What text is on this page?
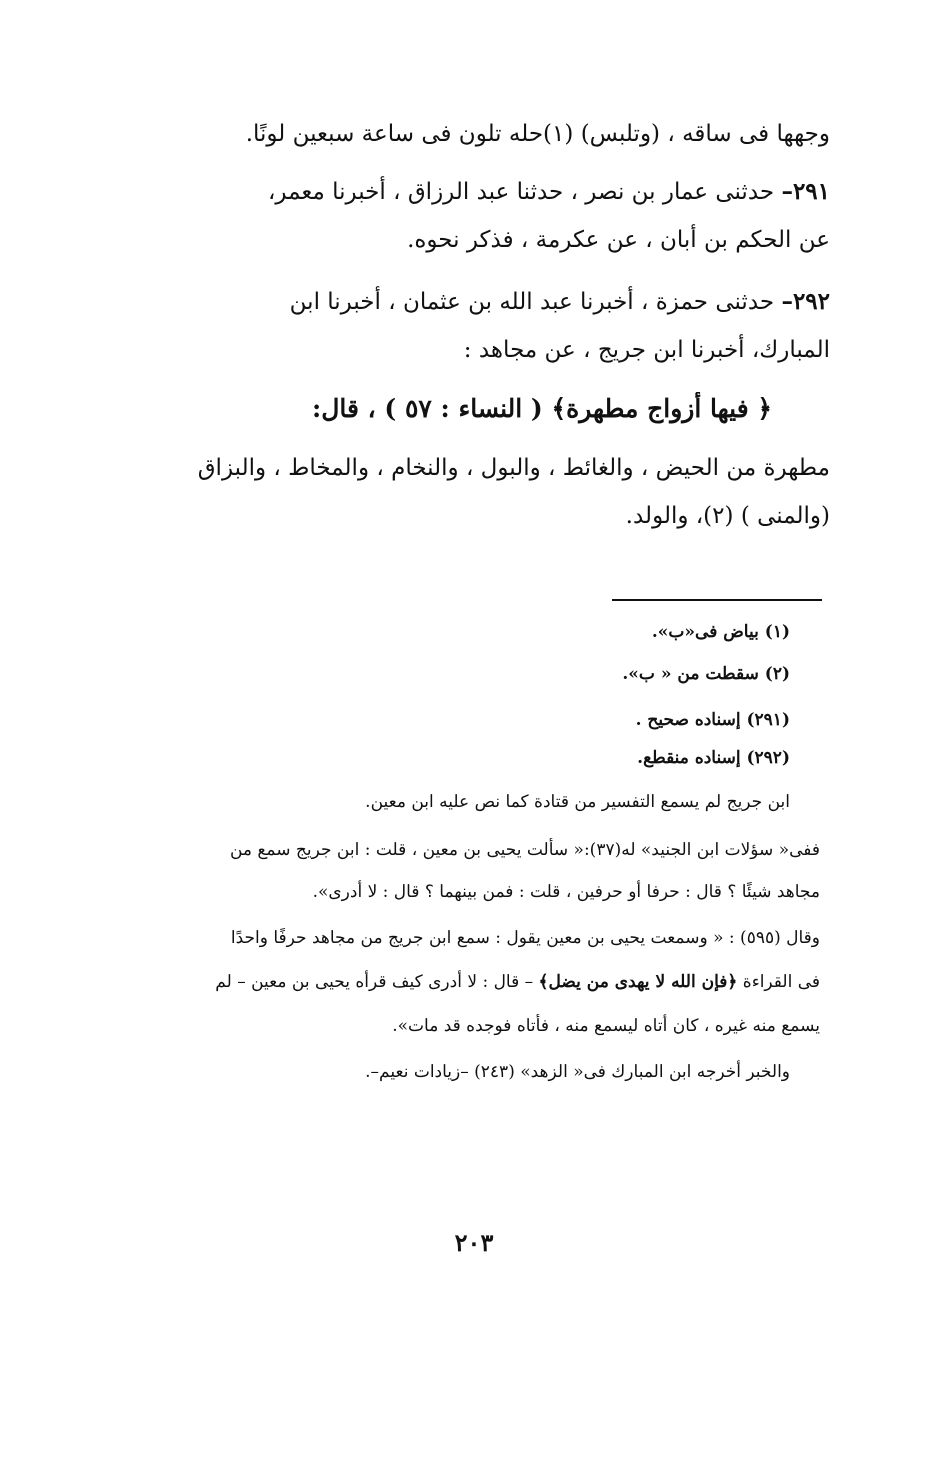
وجهها فى ساقه ، (وتلبس) (١)حله تلون فى ساعة سبعين لونًا.
٢٩١– حدثنى عمار بن نصر ، حدثنا عبد الرزاق ، أخبرنا معمر،
عن الحكم بن أبان ، عن عكرمة ، فذكر نحوه.
٢٩٢– حدثنى حمزة ، أخبرنا عبد الله بن عثمان ، أخبرنا ابن
المبارك، أخبرنا ابن جريج ، عن مجاهد :
﴿ فيها أزواج مطهرة﴾ ( النساء : ٥٧ ) ، قال:
مطهرة من الحيض ، والغائط ، والبول ، والنخام ، والمخاط ، والبزاق
(والمنى ) (٢)، والولد.
(١) بياض فى«ب».
(٢) سقطت من « ب».
(٢٩١) إسناده صحيح .
(٢٩٢) إسناده منقطع.
ابن جريج لم يسمع التفسير من قتادة كما نص عليه ابن معين.
ففى« سؤلات ابن الجنيد» له(٣٧):« سألت يحيى بن معين ، قلت : ابن جريج سمع من
مجاهد شيئًا ؟ قال : حرفا أو حرفين ، قلت : فمن بينهما ؟ قال : لا أدرى».
وقال (٥٩٥) : « وسمعت يحيى بن معين يقول : سمع ابن جريج من مجاهد حرفًا واحدًا
فى القراءة ﴿فإن الله لا يهدى من يضل﴾ – قال : لا أدرى كيف قرأه يحيى بن معين – لم
يسمع منه غيره ، كان أتاه ليسمع منه ، فأتاه فوجده قد مات».
والخبر أخرجه ابن المبارك فى« الزهد» (٢٤٣) –زيادات نعيم–.
٢٠٣
